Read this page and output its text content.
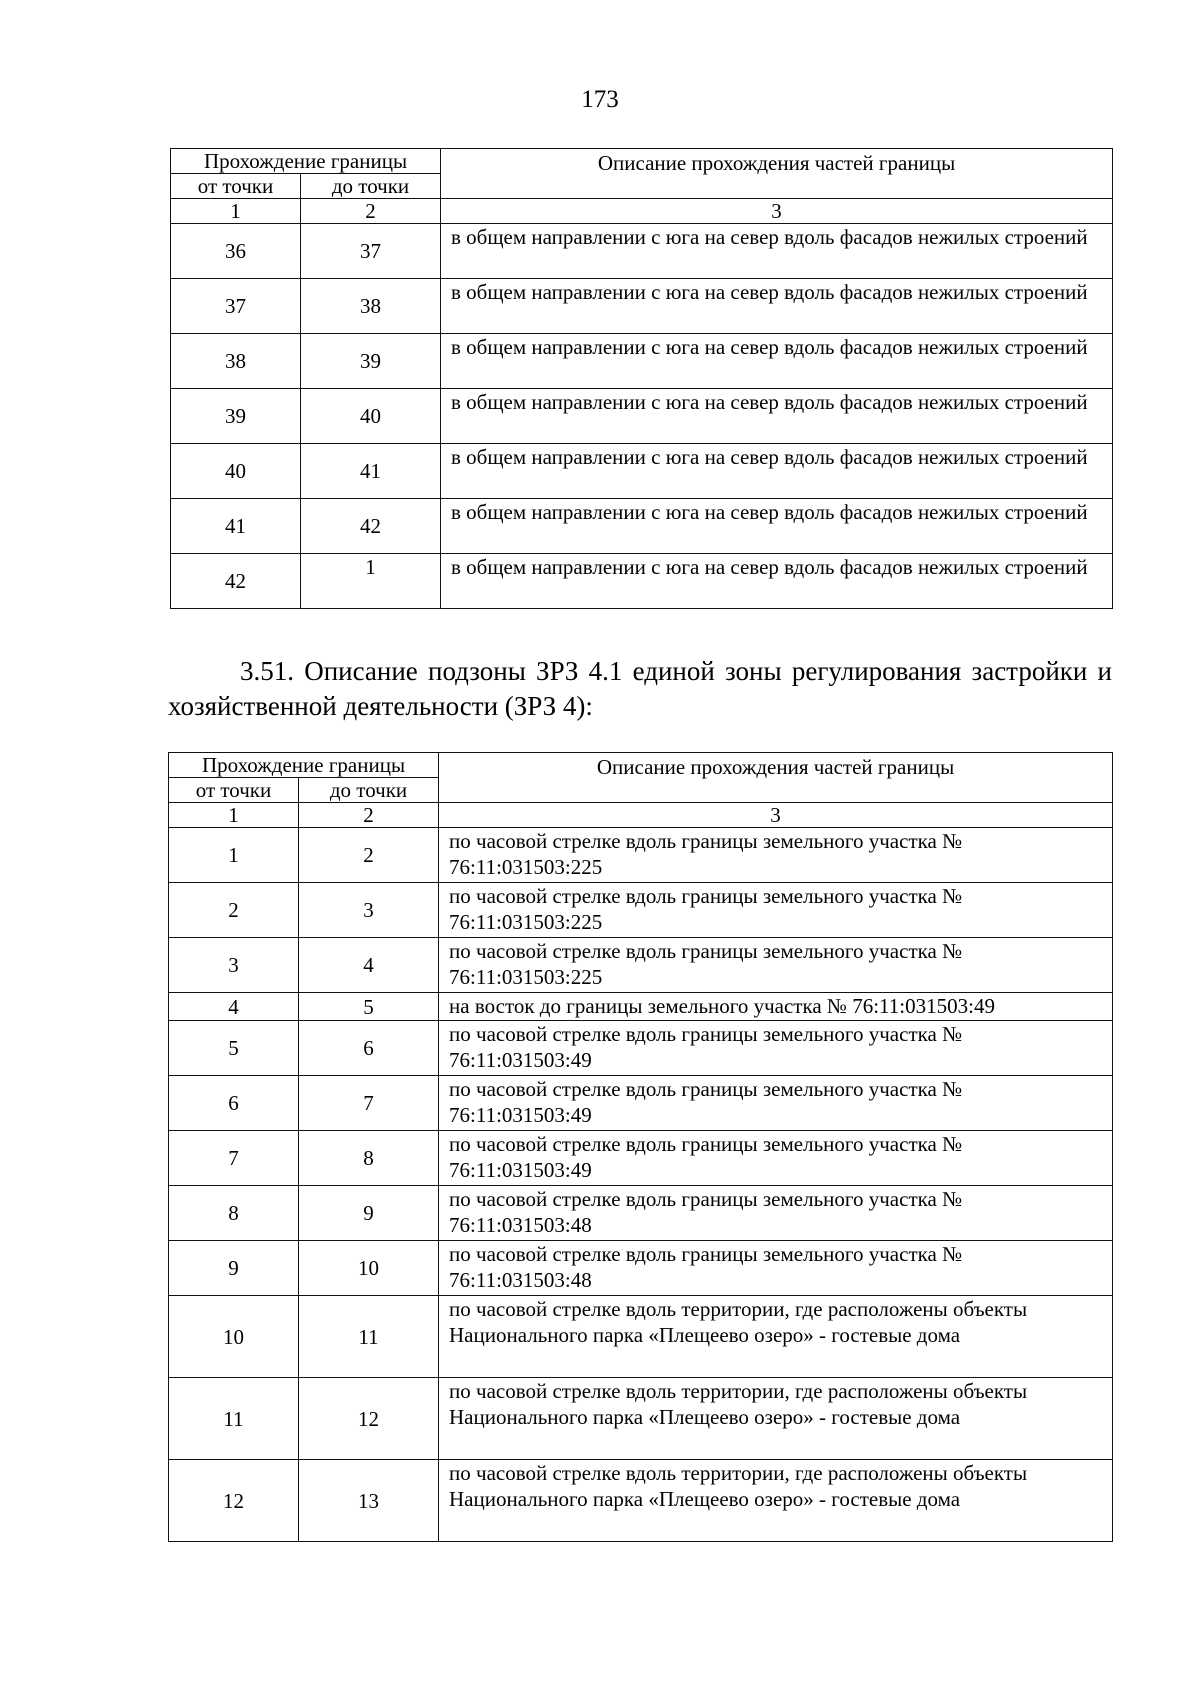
173
Прохождение границы		Описание прохождения частей границы
от точки	до точки	
1	2	3
36	37	в общем направлении с юга на север вдоль фасадов нежилых строений
37	38	в общем направлении с юга на север вдоль фасадов нежилых строений
38	39	в общем направлении с юга на север вдоль фасадов нежилых строений
39	40	в общем направлении с юга на север вдоль фасадов нежилых строений
40	41	в общем направлении с юга на север вдоль фасадов нежилых строений
41	42	в общем направлении с юга на север вдоль фасадов нежилых строений
42	1	в общем направлении с юга на север вдоль фасадов нежилых строений
3.51. Описание подзоны ЗРЗ 4.1 единой зоны регулирования застройки и хозяйственной деятельности (ЗРЗ 4):
Прохождение границы		Описание прохождения частей границы
от точки	до точки	
1	2	3
1	2	по часовой стрелке вдоль границы земельного участка № 76:11:031503:225
2	3	по часовой стрелке вдоль границы земельного участка № 76:11:031503:225
3	4	по часовой стрелке вдоль границы земельного участка № 76:11:031503:225
4	5	на восток до границы земельного участка № 76:11:031503:49
5	6	по часовой стрелке вдоль границы земельного участка № 76:11:031503:49
6	7	по часовой стрелке вдоль границы земельного участка № 76:11:031503:49
7	8	по часовой стрелке вдоль границы земельного участка № 76:11:031503:49
8	9	по часовой стрелке вдоль границы земельного участка № 76:11:031503:48
9	10	по часовой стрелке вдоль границы земельного участка № 76:11:031503:48
10	11	по часовой стрелке вдоль территории, где расположены объекты Национального парка «Плещеево озеро» - гостевые дома
11	12	по часовой стрелке вдоль территории, где расположены объекты Национального парка «Плещеево озеро» - гостевые дома
12	13	по часовой стрелке вдоль территории, где расположены объекты Национального парка «Плещеево озеро» - гостевые дома
